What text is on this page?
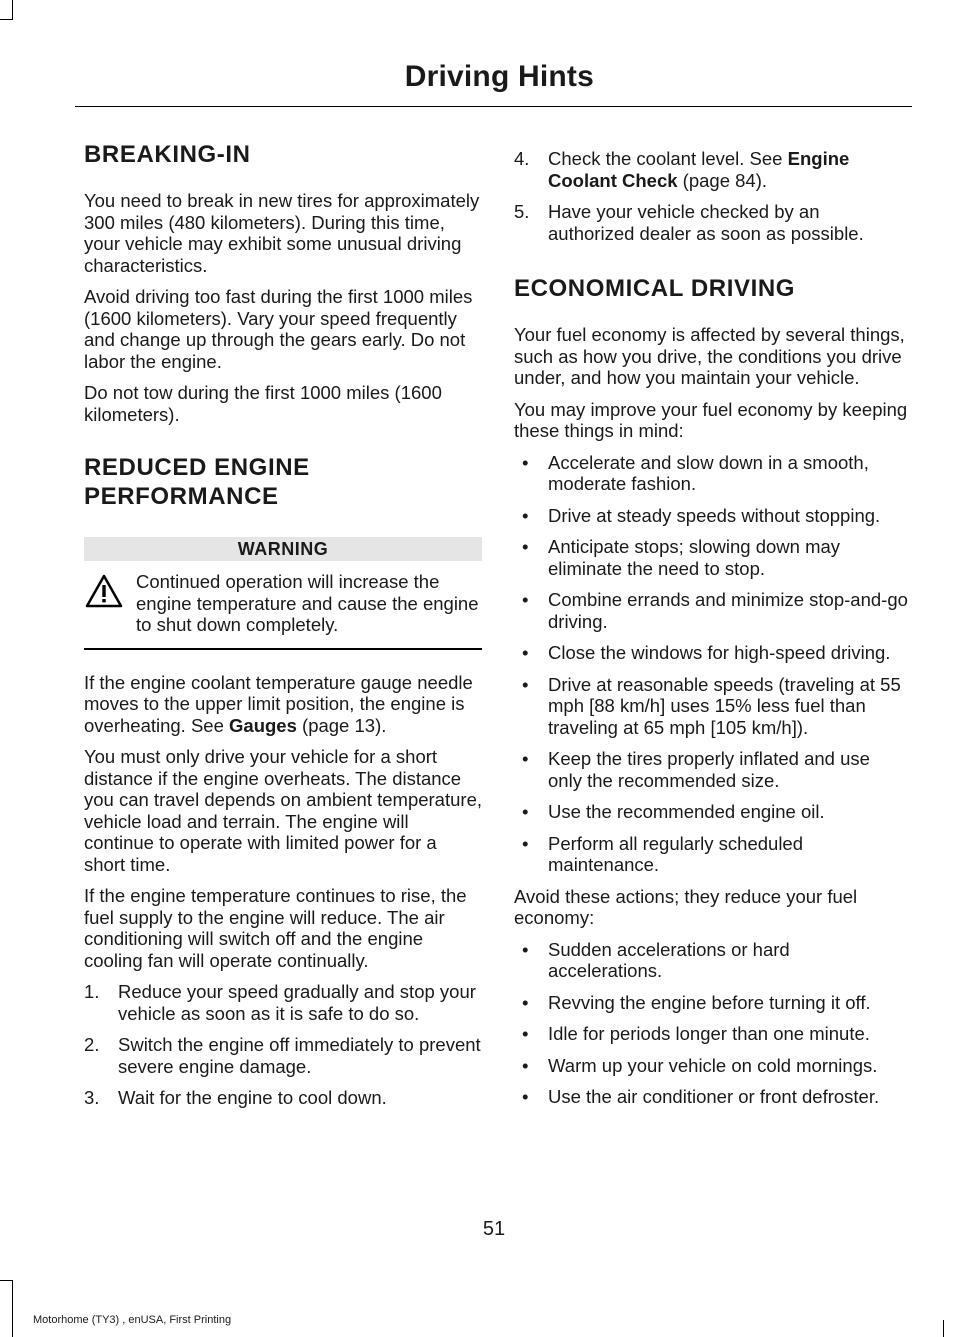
Driving Hints
BREAKING-IN

You need to break in new tires for approximately 300 miles (480 kilometers). During this time, your vehicle may exhibit some unusual driving characteristics.

Avoid driving too fast during the first 1000 miles (1600 kilometers). Vary your speed frequently and change up through the gears early. Do not labor the engine.

Do not tow during the first 1000 miles (1600 kilometers).

REDUCED ENGINE
PERFORMANCE
WARNING
Continued operation will increase the engine temperature and cause the engine to shut down completely.

If the engine coolant temperature gauge needle moves to the upper limit position, the engine is overheating. See Gauges (page 13).

You must only drive your vehicle for a short distance if the engine overheats. The distance you can travel depends on ambient temperature, vehicle load and terrain. The engine will continue to operate with limited power for a short time.

If the engine temperature continues to rise, the fuel supply to the engine will reduce. The air conditioning will switch off and the engine cooling fan will operate continually.

1. Reduce your speed gradually and stop your vehicle as soon as it is safe to do so.
2. Switch the engine off immediately to prevent severe engine damage.
3. Wait for the engine to cool down.
4. Check the coolant level. See Engine Coolant Check (page 84).
5. Have your vehicle checked by an authorized dealer as soon as possible.
ECONOMICAL DRIVING

Your fuel economy is affected by several things, such as how you drive, the conditions you drive under, and how you maintain your vehicle.

You may improve your fuel economy by keeping these things in mind:

• Accelerate and slow down in a smooth, moderate fashion.
• Drive at steady speeds without stopping.
• Anticipate stops; slowing down may eliminate the need to stop.
• Combine errands and minimize stop-and-go driving.
• Close the windows for high-speed driving.
• Drive at reasonable speeds (traveling at 55 mph [88 km/h] uses 15% less fuel than traveling at 65 mph [105 km/h]).
• Keep the tires properly inflated and use only the recommended size.
• Use the recommended engine oil.
• Perform all regularly scheduled maintenance.

Avoid these actions; they reduce your fuel economy:

• Sudden accelerations or hard accelerations.
• Revving the engine before turning it off.
• Idle for periods longer than one minute.
• Warm up your vehicle on cold mornings.
• Use the air conditioner or front defroster.
51
Motorhome (TY3) , enUSA, First Printing
